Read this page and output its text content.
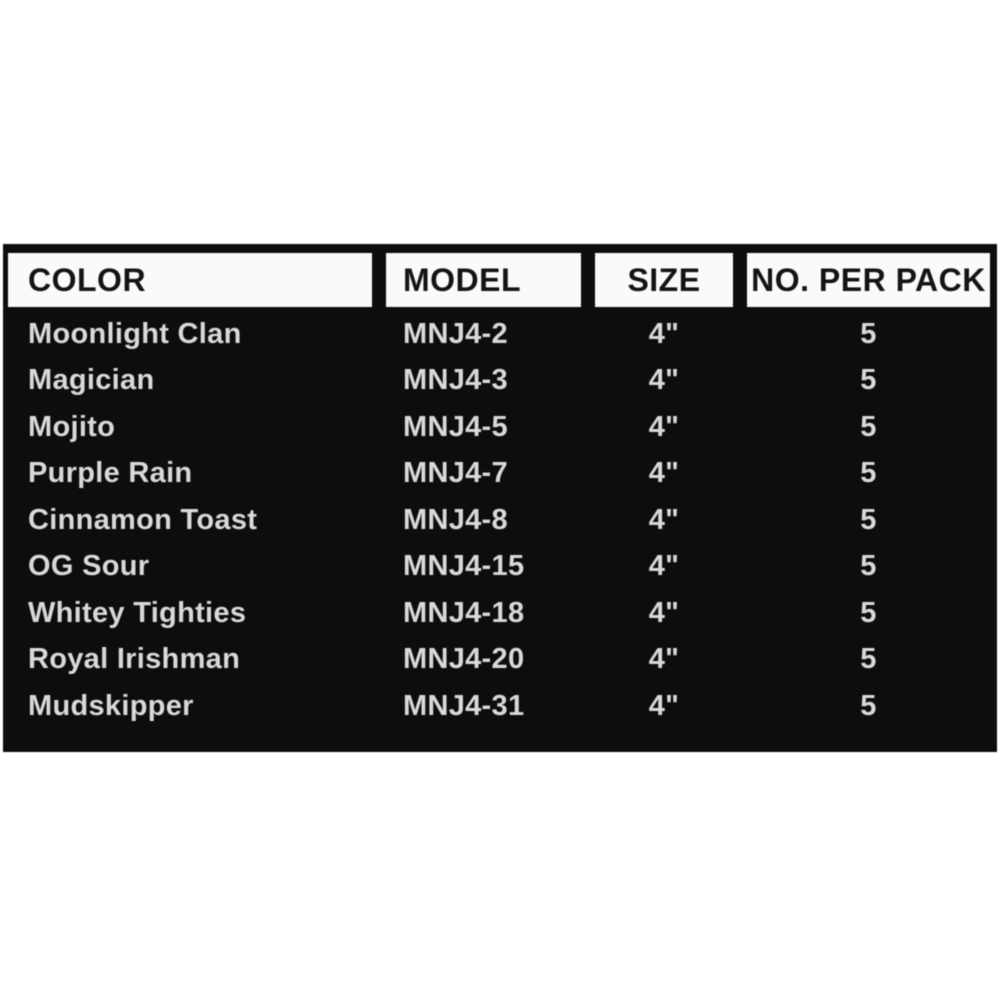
COLOR	MODEL	SIZE	NO. PER PACK
Moonlight Clan	MNJ4-2	4"	5
Magician	MNJ4-3	4"	5
Mojito	MNJ4-5	4"	5
Purple Rain	MNJ4-7	4"	5
Cinnamon Toast	MNJ4-8	4"	5
OG Sour	MNJ4-15	4"	5
Whitey Tighties	MNJ4-18	4"	5
Royal Irishman	MNJ4-20	4"	5
Mudskipper	MNJ4-31	4"	5
